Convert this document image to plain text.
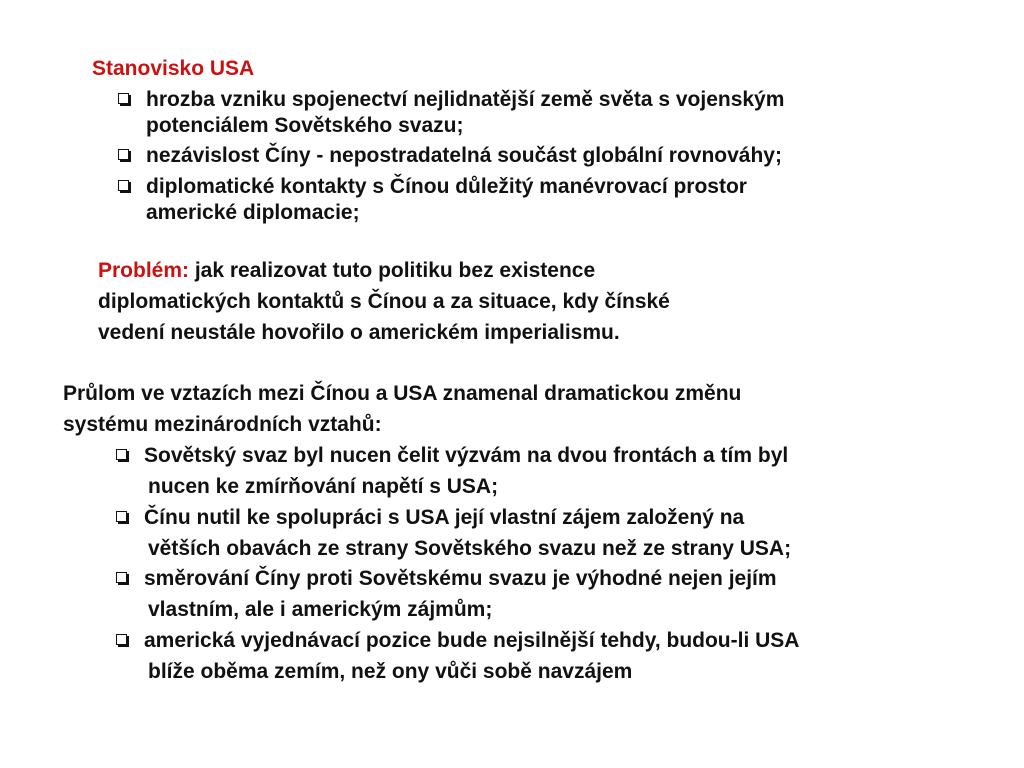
Stanovisko USA
hrozba vzniku spojenectví nejlidnatější země světa s vojenským
potenciálem Sovětského svazu;
nezávislost Číny - nepostradatelná součást globální rovnováhy;
diplomatické kontakty s Čínou důležitý manévrovací prostor
americké diplomacie;
Problém: jak realizovat tuto politiku bez existence
diplomatických kontaktů s Čínou a za situace, kdy čínské
vedení neustále hovořilo o americkém imperialismu.
Průlom ve vztazích mezi Čínou a USA znamenal dramatickou změnu
systému mezinárodních vztahů:
Sovětský svaz byl nucen čelit výzvám na dvou frontách a tím byl
nucen ke zmírňování napětí s USA;
Čínu nutil ke spolupráci s USA její vlastní zájem založený na
větších obavách ze strany Sovětského svazu než ze strany USA;
směrování Číny proti Sovětskému svazu je výhodné nejen jejím
vlastním, ale i americkým zájmům;
americká vyjednávací pozice bude nejsilnější tehdy, budou-li USA
blíže oběma zemím, než ony vůči sobě navzájem
